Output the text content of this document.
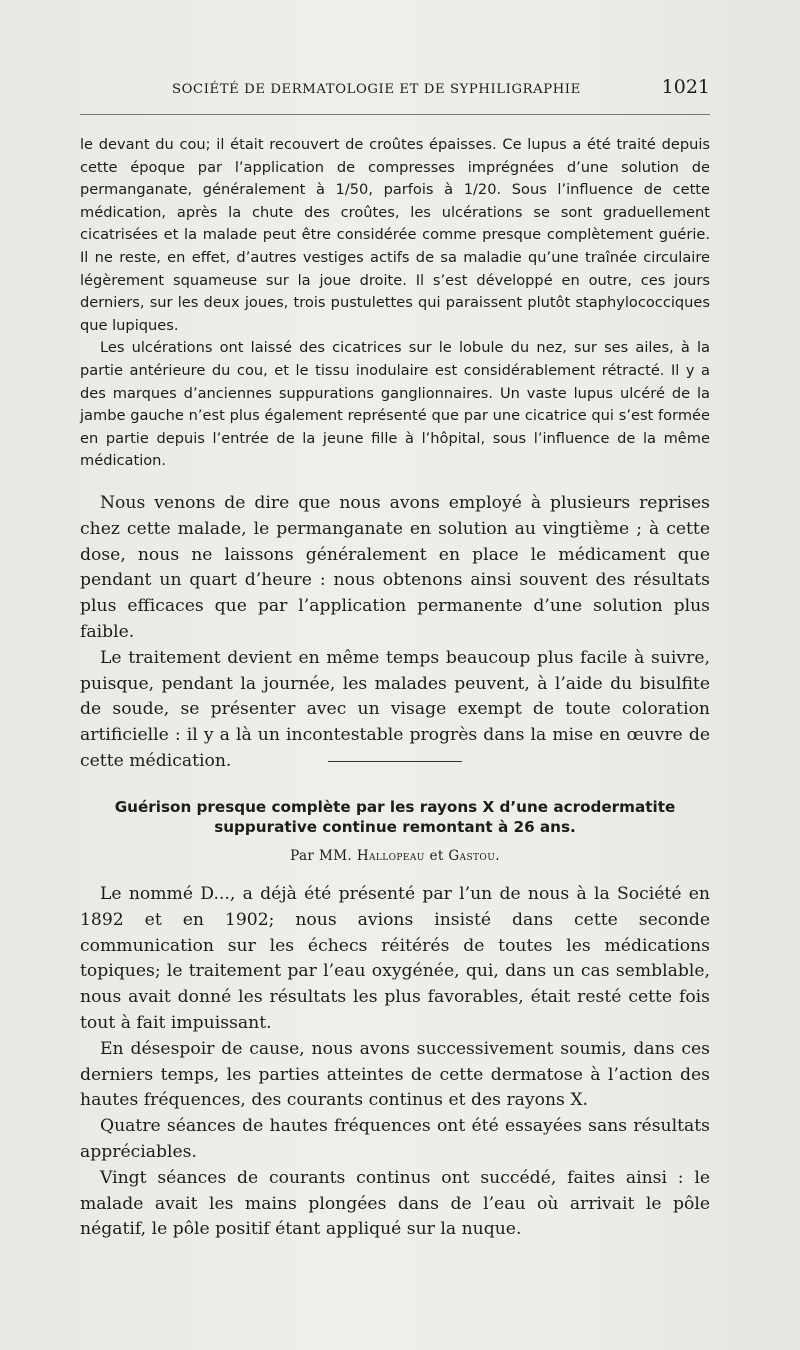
SOCIÉTÉ DE DERMATOLOGIE ET DE SYPHILIGRAPHIE	1021

le devant du cou; il était recouvert de croûtes épaisses. Ce lupus a été traité depuis cette époque par l’application de compresses imprégnées d’une solution de permanganate, généralement à 1/50, parfois à 1/20. Sous l’influence de cette médication, après la chute des croûtes, les ulcérations se sont graduellement cicatrisées et la malade peut être considérée comme presque complètement guérie. Il ne reste, en effet, d’autres vestiges actifs de sa maladie qu’une traînée circulaire légèrement squameuse sur la joue droite. Il s’est développé en outre, ces jours derniers, sur les deux joues, trois pustulettes qui paraissent plutôt staphylococciques que lupiques.

Les ulcérations ont laissé des cicatrices sur le lobule du nez, sur ses ailes, à la partie antérieure du cou, et le tissu inodulaire est considérablement rétracté. Il y a des marques d’anciennes suppurations ganglionnaires. Un vaste lupus ulcéré de la jambe gauche n’est plus également représenté que par une cicatrice qui s’est formée en partie depuis l’entrée de la jeune fille à l’hôpital, sous l’influence de la même médication.

Nous venons de dire que nous avons employé à plusieurs reprises chez cette malade, le permanganate en solution au vingtième ; à cette dose, nous ne laissons généralement en place le médicament que pendant un quart d’heure : nous obtenons ainsi souvent des résultats plus efficaces que par l’application permanente d’une solution plus faible.

Le traitement devient en même temps beaucoup plus facile à suivre, puisque, pendant la journée, les malades peuvent, à l’aide du bisulfite de soude, se présenter avec un visage exempt de toute coloration artificielle : il y a là un incontestable progrès dans la mise en œuvre de cette médication.

Guérison presque complète par les rayons X d’une acrodermatite
suppurative continue remontant à 26 ans.
Par MM. Hallopeau et Gastou.

Le nommé D..., a déjà été présenté par l’un de nous à la Société en 1892 et en 1902; nous avions insisté dans cette seconde communication sur les échecs réitérés de toutes les médications topiques; le traitement par l’eau oxygénée, qui, dans un cas semblable, nous avait donné les résultats les plus favorables, était resté cette fois tout à fait impuissant.

En désespoir de cause, nous avons successivement soumis, dans ces derniers temps, les parties atteintes de cette dermatose à l’action des hautes fréquences, des courants continus et des rayons X.

Quatre séances de hautes fréquences ont été essayées sans résultats appréciables.

Vingt séances de courants continus ont succédé, faites ainsi : le malade avait les mains plongées dans de l’eau où arrivait le pôle négatif, le pôle positif étant appliqué sur la nuque.
